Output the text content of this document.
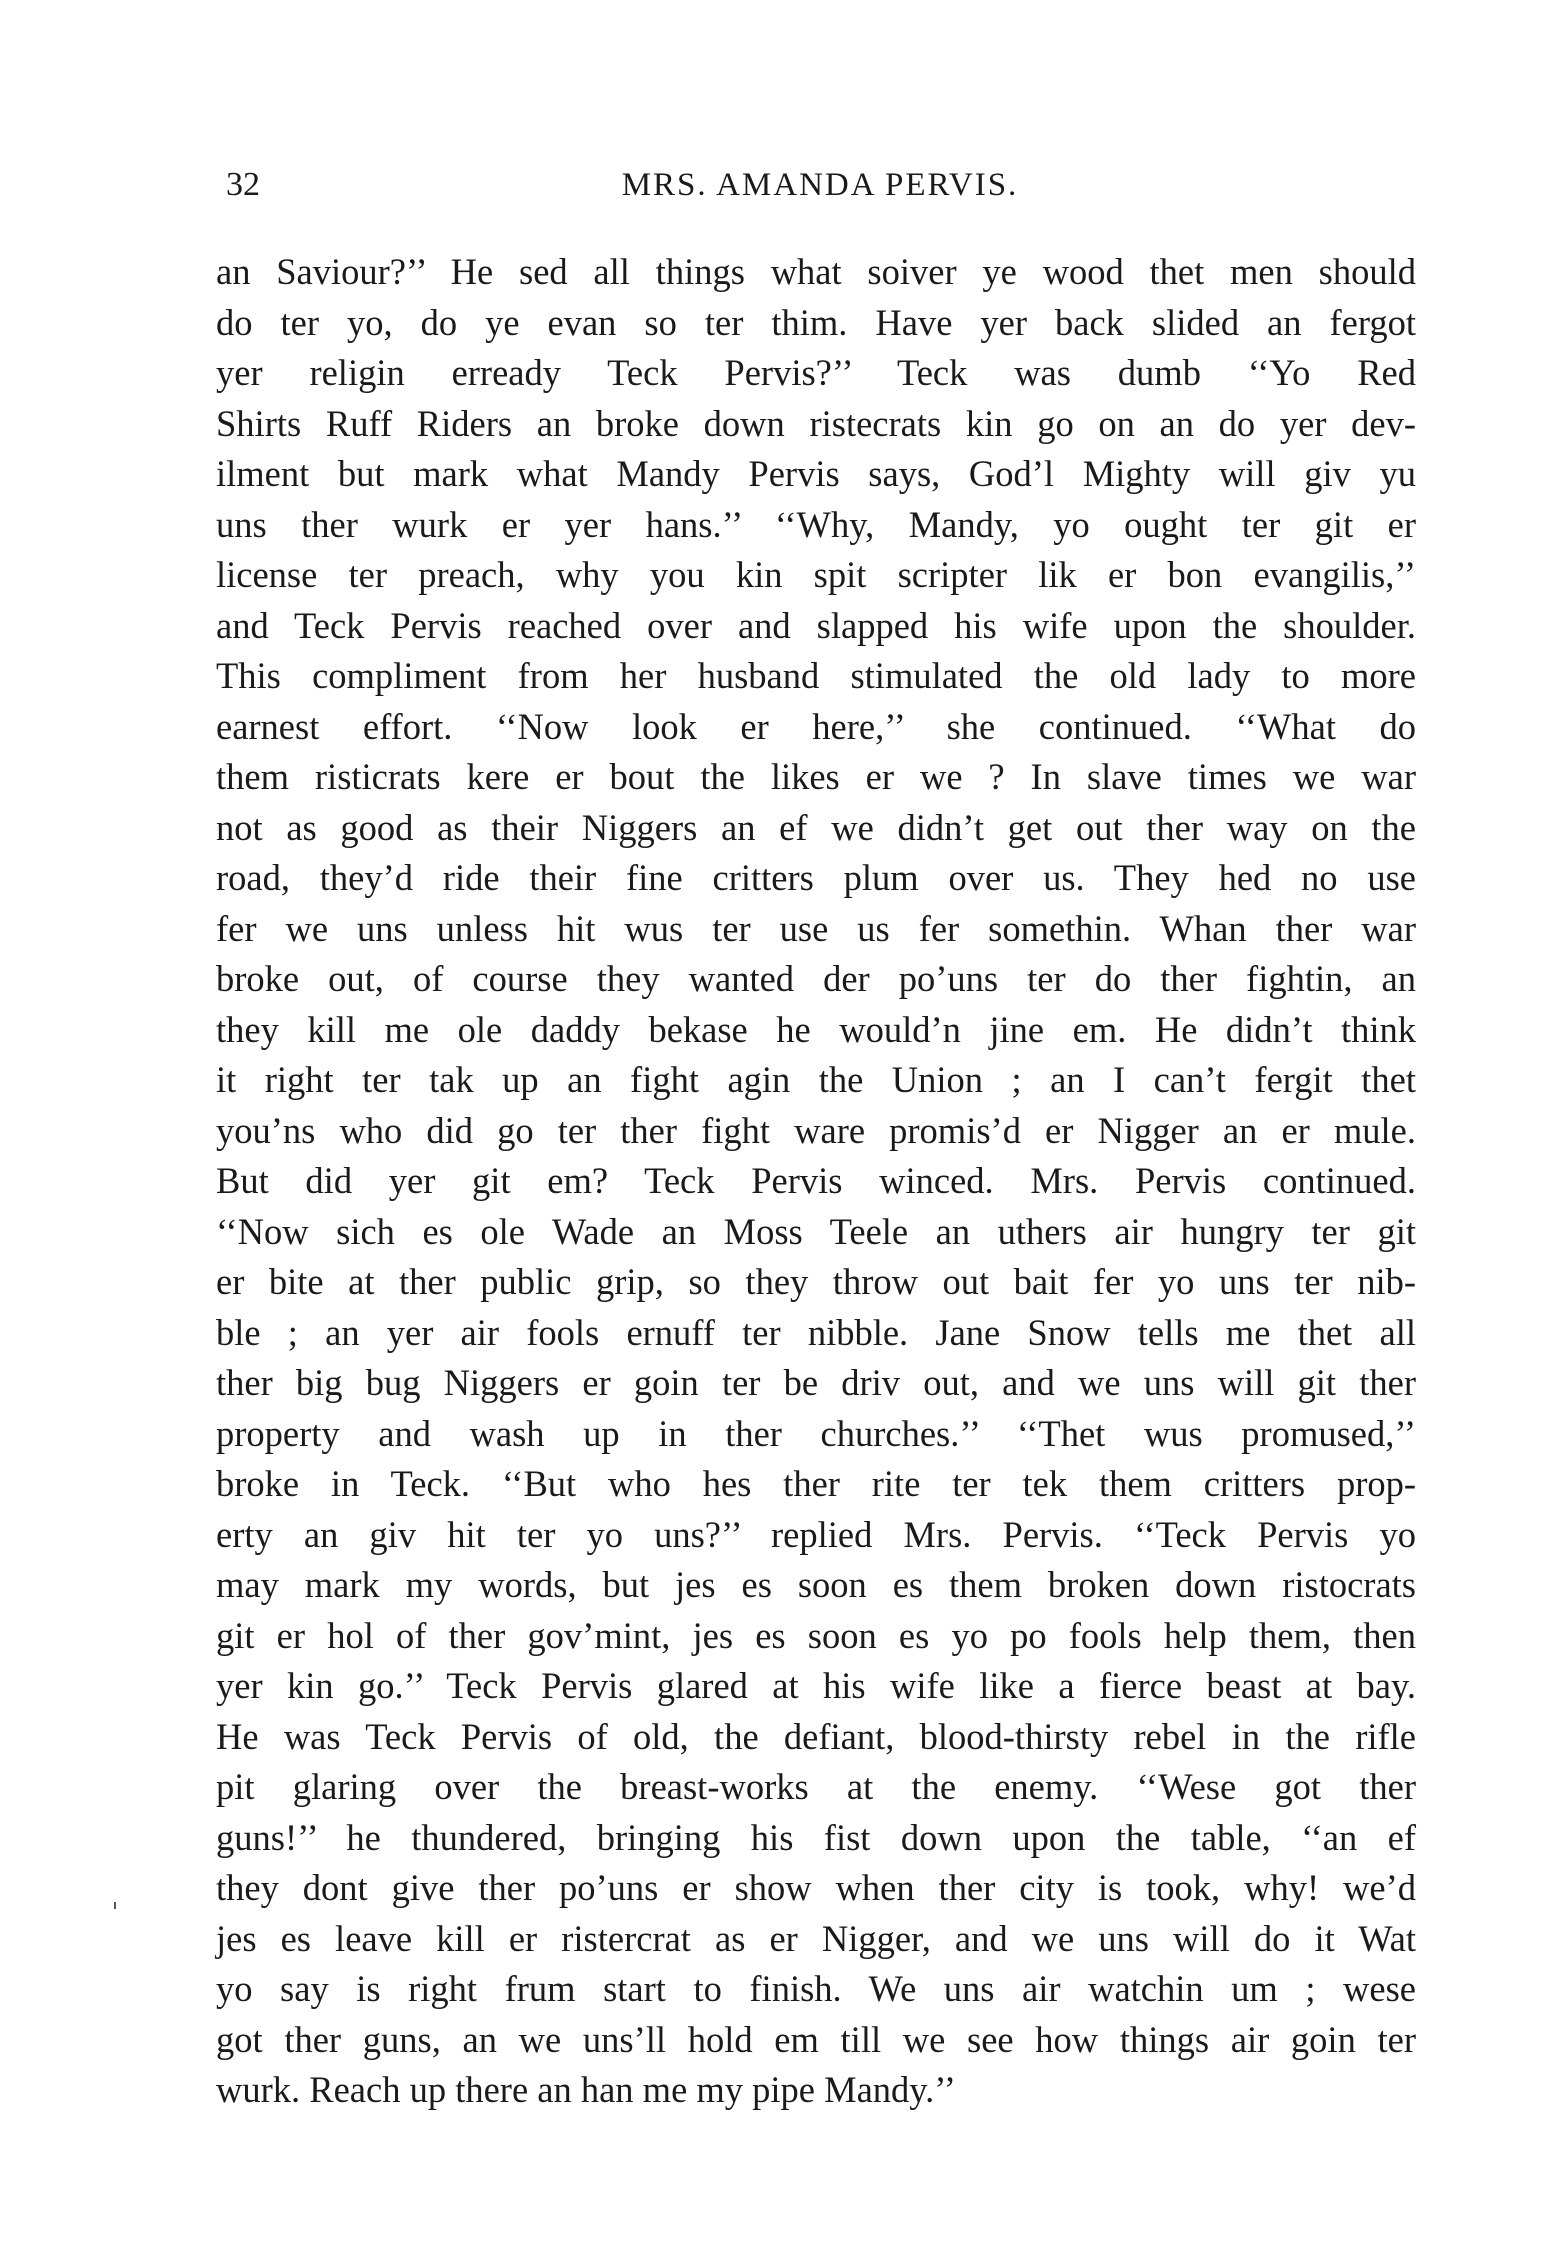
32	MRS. AMANDA PERVIS.
an Saviour?’’ He sed all things what soiver ye wood thet men should
do ter yo, do ye evan so ter thim. Have yer back slided an fergot
yer religin erready Teck Pervis?’’ Teck was dumb ‘‘Yo Red
Shirts Ruff Riders an broke down ristecrats kin go on an do yer dev-
ilment but mark what Mandy Pervis says, God’l Mighty will giv yu
uns ther wurk er yer hans.’’ ‘‘Why, Mandy, yo ought ter git er
license ter preach, why you kin spit scripter lik er bon evangilis,’’
and Teck Pervis reached over and slapped his wife upon the shoulder.
This compliment from her husband stimulated the old lady to more
earnest effort. ‘‘Now look er here,’’ she continued. ‘‘What do
them risticrats kere er bout the likes er we ? In slave times we war
not as good as their Niggers an ef we didn’t get out ther way on the
road, they’d ride their fine critters plum over us. They hed no use
fer we uns unless hit wus ter use us fer somethin. Whan ther war
broke out, of course they wanted der po’uns ter do ther fightin, an
they kill me ole daddy bekase he would’n jine em. He didn’t think
it right ter tak up an fight agin the Union ; an I can’t fergit thet
you’ns who did go ter ther fight ware promis’d er Nigger an er mule.
But did yer git em? Teck Pervis winced. Mrs. Pervis continued.
‘‘Now sich es ole Wade an Moss Teele an uthers air hungry ter git
er bite at ther public grip, so they throw out bait fer yo uns ter nib-
ble ; an yer air fools ernuff ter nibble. Jane Snow tells me thet all
ther big bug Niggers er goin ter be driv out, and we uns will git ther
property and wash up in ther churches.’’ ‘‘Thet wus promused,’’
broke in Teck. ‘‘But who hes ther rite ter tek them critters prop-
erty an giv hit ter yo uns?’’ replied Mrs. Pervis. ‘‘Teck Pervis yo
may mark my words, but jes es soon es them broken down ristocrats
git er hol of ther gov’mint, jes es soon es yo po fools help them, then
yer kin go.’’ Teck Pervis glared at his wife like a fierce beast at bay.
He was Teck Pervis of old, the defiant, blood-thirsty rebel in the rifle
pit glaring over the breast-works at the enemy. ‘‘Wese got ther
guns!’’ he thundered, bringing his fist down upon the table, ‘‘an ef
they dont give ther po’uns er show when ther city is took, why! we’d
jes es leave kill er ristercrat as er Nigger, and we uns will do it Wat
yo say is right frum start to finish. We uns air watchin um ; wese
got ther guns, an we uns’ll hold em till we see how things air goin ter
wurk. Reach up there an han me my pipe Mandy.’’
